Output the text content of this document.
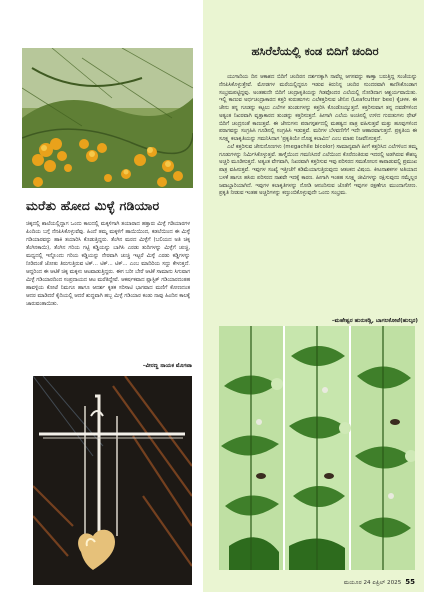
ಮರೆತು ಹೋದ ಮಿಳ್ಳೆ ಗಡಿಯಾರ
ಚಿಕ್ಕದಲ್ಲಿ ಶಾಲೆಯಲ್ಲಿದ್ದಾಗ ಒಂದು ಕಾಲದಲ್ಲಿ ಮಕ್ಕಳಿಗಾಗಿ ತಯಾರಾದ ಹತ್ತಾರು ಮಿಳ್ಳೆ ಗಡಿಯಾರಗಳ ಪಿಂದಿಯ ಬಗ್ಗೆ ನೆನಪಿಸಿಕೊಳ್ಳುವೆವು. ಹಿಂದೆ ತಮ್ಮ ಮಕ್ಕಳಿಗೆ ಹಾಯಿಯಿಂದ, ಕಡಲೆಯಿಂದ ಈ ಮಿಳ್ಳೆ ಗಡಿಯಾರವನ್ನು ಹಾಕಿ ತಯಾರಿಸಿ ಕೊಡುತ್ತಿದ್ದರು. ತೆಂಗಿನ ಮರದ ಮಿಳ್ಳೆಗೆ (ಬಲಿಯದ ಅತಿ ಚಿಕ್ಕ ತೆಂಗಿನಕಾಯಿ), ತೆಂಗಿನ ಗರಿಯ ಗಟ್ಟಿ ಕಡ್ಡಿಯನ್ನು ಬಾಗಿಸಿ ಎರಡು ತುದಿಗಳನ್ನು ಮಿಳ್ಳೆಗೆ ಚುಚ್ಚಿ, ಮಧ್ಯದಲ್ಲಿ ಇನ್ನೊಂದು ಗರಿಯ ಕಡ್ಡಿಯನ್ನು ನೇರವಾಗಿ ಚುಚ್ಚಿ ಇಟ್ಟರೆ ಮಿಳ್ಳೆ ಎರಡು ಕಡ್ಡಿಗಳನ್ನು ನೀಡಿದಂತೆ ಜೋತು ತಿರುಗುತ್ತಿರುವ ಟಿಕ್... ಟಿಕ್... ಟಿಕ್... ಎಂಬ ಮಾದಿರಿಯ ಸದ್ದು ಕೇಳುತ್ತದೆ. ಆದ್ದರಿಂದ ಈ ಆಟಿಕೆ ಚಿಕ್ಕ ಮಕ್ಕಳು ಆಟವಾಡುತ್ತಿದ್ದರು. ಈಗ ಬರೀ ಬೇರೆ ಆಟಿಕೆ ಸಾಮಾನು ಸಿಗುವಾಗ ಮಿಳ್ಳೆ ಗಡಿಯಾರದಿಂದ ಸಂಪ್ರದಾಯದ ಆಟ ಮರೆತಿದ್ದೇವೆ. ಆಕರ್ಷಕವಾದ ಪ್ಲಾಸ್ಟಿಕ್ ಗಡಿಯಾರದಂತಹ ಹಾವಳ್ಳಿಯ ಕೋಟೆ ನಿಮಗೂ ಹಾಗೂ ಆದರ್ಶ ಕೃತಕ ಸರಿಸಾಟಿ ಭಾಗವಾದ ಮಣಿಗೆ ಕೋಣದಂತ ಆದರ ಮಾಡಿದರೆ ಕೈದಿಯಲ್ಲಿ ಆದರೆ ಶುದ್ಧವಾಗಿ ಹಬ್ಬ ಮಿಳ್ಳೆ ಗಡಿಯಾರ ಕಂಡು ನಾವು ಹಿಂದಿನ ಕಾಲಕ್ಕೆ ಜಾರುವಂತಾಯಿತು.
–ವೀರಣ್ಣ ನಾಯಕ ಮೊಗಟಾ
ಹಸಿರೆಲೆಯಲ್ಲಿ ಕಂಡ ಬಿದಿಗೆ ಚಂದಿರ
ಯುಗಾದಿಯ ದಿನ ಆಕಾಶದ ಬಿದಿಗೆ ಚಂದಿರನ ದರ್ಶನಕ್ಕಾಗಿ ನಾವೆಲ್ಲ ಆಗಸವನ್ನು ಕಾಣ್ತಾ ಬರುತ್ತಿದ್ದ ಸಂಜೆಯನ್ನು ನೆನಪಿಸಿಕೊಳ್ಳುತ್ತೇವೆ. ಮೋಡಗಳ ಮರೆಯಲ್ಲಿದ್ದರೂ ಇಡುವ ಕಿರುನಿನ್ನ ಚಂದಿರ ಸುಂದರವಾಗಿ ಕಾಣಿಸಿಕೊಂಡಾಗ ಸಂಭ್ರಮಪಟ್ಟಿದ್ದವು. ಅಂತಹುದೇ ಬಿದಿಗೆ ಚಂದ್ರಾಕೃತಿಯನ್ನು ಗಿಡವೊಂದರ ಎಲೆಯಲ್ಲಿ ನೋಡಿದಾಗ ಆಶ್ಚರ್ಯವಾಯಿತು. ಇಲ್ಲಿ ಕಾಣುವ ಅರ್ಧಚಂದ್ರಾಕಾರದ ಕತ್ತರಿ ಕುರುಹುಗಳು ಎಲೆಕತ್ತರಿಸುವ ಜೇನಿನ (Leafcutter bee) ಕೈಚಳಕ. ಈ ಜೇನು ತನ್ನ ಗೂಡನ್ನು ಕಟ್ಟಲು ಎಲೆಗಳ ತುಂಡುಗಳನ್ನು ಕತ್ತರಿಸಿ ಕೊಂಡೊಯ್ಯುತ್ತದೆ. ಕತ್ತರಿಸುವಾಗ ತನ್ನ ದವಡೆಗಳಿಂದ ಅತ್ಯಂತ ನಿಖರವಾಗಿ ವೃತ್ತಾಕಾರದ ತುಂಡನ್ನು ಕತ್ತರಿಸುತ್ತದೆ. ಹೀಗಾಗಿ ಎಲೆಯ ಅಂಚಿನಲ್ಲಿ ಉಳಿದ ಗುರುತುಗಳು ಥೇಟ್ ಬಿದಿಗೆ ಚಂದ್ರನಂತೆ ಕಾಣುತ್ತವೆ. ಈ ಜೇನುಗಳು ಪರಾಗಸ್ಪರ್ಶದಲ್ಲಿ ಮಹತ್ವದ ಪಾತ್ರ ವಹಿಸುತ್ತವೆ ಮತ್ತು ಹೂವುಗಳಿಂದ ಪರಾಗವನ್ನು ಸಂಗ್ರಹಿಸಿ ಗೂಡಿನಲ್ಲಿ ಸಂಗ್ರಹಿಸಿ ಇಡುತ್ತವೆ. ಮರಿಗಳ ಬೆಳವಣಿಗೆಗೆ ಇದೇ ಆಹಾರವಾಗುತ್ತದೆ. ಪ್ರಕೃತಿಯ ಈ ಸೂಕ್ಷ್ಮ ಕಲಾಕೃತಿಯನ್ನು ಗಮನಿಸಿದಾಗ 'ಪ್ರಕೃತಿಯೇ ದೊಡ್ಡ ಕಲಾವಿದ' ಎಂಬ ಮಾತು ನಿಜವೆನಿಸುತ್ತದೆ.
ಎಲೆ ಕತ್ತರಿಸುವ ಜೇನುನೊಣಗಳು (megachile bicolor) ಸಾಮಾನ್ಯವಾಗಿ ಹೀಗೆ ಕತ್ತರಿಸಿದ ಎಲೆಗಳಿಂದ ತಮ್ಮ ಗೂಡುಗಳನ್ನು ನಿರ್ಮಿಸಿಕೊಳ್ಳುತ್ತವೆ. ತಾಳ್ಮೆಯಿಂದ ಗಮನಿಸಿದರೆ ಎಲೆಯಿಂದ ಕೊರೆದಂತಿರುವ ಇದರಲ್ಲಿ ಅಡಗಿರುವ ಕೌಶಲ್ಯ ಅಚ್ಚರಿ ಮೂಡಿಸುತ್ತದೆ. ಅತ್ಯಂತ ವೇಗವಾಗಿ, ನಿಖರವಾಗಿ ಕತ್ತರಿಸುವ ಇವು ಪರಿಸರದ ಸಮತೋಲನ ಕಾಪಾಡುವಲ್ಲಿ ಪ್ರಮುಖ ಪಾತ್ರ ವಹಿಸುತ್ತವೆ. ಇವುಗಳ ಸಂಖ್ಯೆ ಇತ್ತೀಚೆಗೆ ಕಡಿಮೆಯಾಗುತ್ತಿರುವುದು ಆತಂಕದ ವಿಷಯ. ಕೀಟನಾಶಕಗಳ ಅತಿಯಾದ ಬಳಕೆ ಹಾಗೂ ಹಸಿರು ಪರಿಸರದ ನಾಶವೇ ಇದಕ್ಕೆ ಕಾರಣ. ಹೀಗಾಗಿ ಇಂತಹ ಸೂಕ್ಷ್ಮ ಜೀವಿಗಳನ್ನು ರಕ್ಷಿಸುವುದು ನಮ್ಮೆಲ್ಲರ ಜವಾಬ್ದಾರಿಯಾಗಿದೆ. ಇವುಗಳ ಕಲಾಕೃತಿಗಳನ್ನು ನೋಡಿ ಆನಂದಿಸುವ ಜೊತೆಗೆ ಇವುಗಳ ರಕ್ಷಣೆಗೂ ಮುಂದಾಗೋಣ. ಪ್ರಕೃತಿ ನೀಡುವ ಇಂತಹ ಅಚ್ಚರಿಗಳನ್ನು ಕಣ್ತುಂಬಿಕೊಳ್ಳುವುದೇ ಒಂದು ಸಂಭ್ರಮ.
–ಮಹೇಶ್ವರ ಹುರುಕಡ್ಲಿ, ಬಾಗಲಕೋಟೆ(ಹುಲ್ಕರ)
ಮಯೂರ 24 ಏಪ್ರಿಲ್ 2025 55
